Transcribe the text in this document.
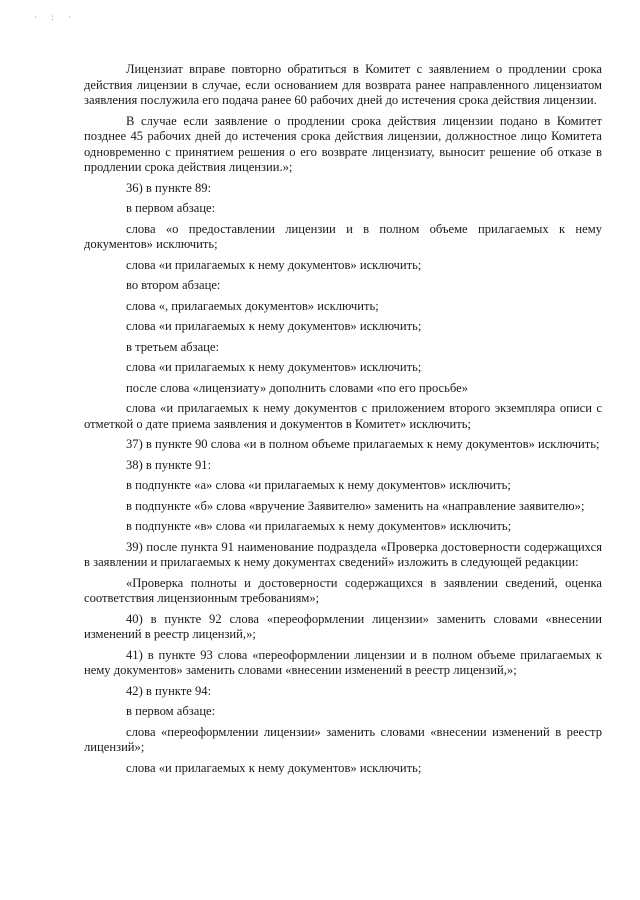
· : ·

Лицензиат вправе повторно обратиться в Комитет с заявлением о продлении срока действия лицензии в случае, если основанием для возврата ранее направленного лицензиатом заявления послужила его подача ранее 60 рабочих дней до истечения срока действия лицензии.

В случае если заявление о продлении срока действия лицензии подано в Комитет позднее 45 рабочих дней до истечения срока действия лицензии, должностное лицо Комитета одновременно с принятием решения о его возврате лицензиату, выносит решение об отказе в продлении срока действия лицензии.»;

36) в пункте 89:

в первом абзаце:

слова «о предоставлении лицензии и в полном объеме прилагаемых к нему документов» исключить;

слова «и прилагаемых к нему документов» исключить;

во втором абзаце:

слова «, прилагаемых документов» исключить;

слова «и прилагаемых к нему документов» исключить;

в третьем абзаце:

слова «и прилагаемых к нему документов» исключить;

после слова «лицензиату» дополнить словами «по его просьбе»

слова «и прилагаемых к нему документов с приложением второго экземпляра описи с отметкой о дате приема заявления и документов в Комитет» исключить;

37) в пункте 90 слова «и в полном объеме прилагаемых к нему документов» исключить;

38) в пункте 91:

в подпункте «а» слова «и прилагаемых к нему документов» исключить;

в подпункте «б» слова «вручение Заявителю» заменить на «направление заявителю»;

в подпункте «в» слова «и прилагаемых к нему документов» исключить;

39) после пункта 91 наименование подраздела «Проверка достоверности содержащихся в заявлении и прилагаемых к нему документах сведений» изложить в следующей редакции:

«Проверка полноты и достоверности содержащихся в заявлении сведений, оценка соответствия лицензионным требованиям»;

40) в пункте 92 слова «переоформлении лицензии» заменить словами «внесении изменений в реестр лицензий,»;

41) в пункте 93 слова «переоформлении лицензии и в полном объеме прилагаемых к нему документов» заменить словами «внесении изменений в реестр лицензий,»;

42) в пункте 94:

в первом абзаце:

слова «переоформлении лицензии» заменить словами «внесении изменений в реестр лицензий»;

слова «и прилагаемых к нему документов» исключить;
